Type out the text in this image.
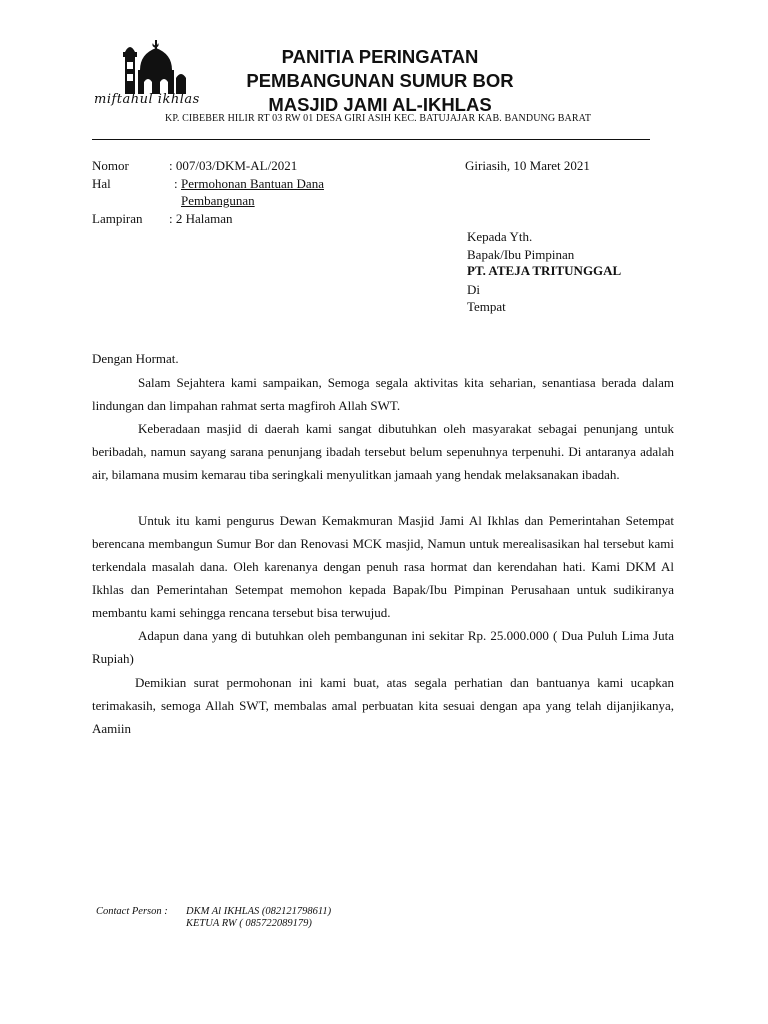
miftahul ikhlas
PANITIA PERINGATAN
PEMBANGUNAN SUMUR BOR
MASJID JAMI AL-IKHLAS
KP. CIBEBER HILIR RT 03 RW 01 DESA GIRI ASIH KEC. BATUJAJAR KAB. BANDUNG BARAT
Nomor	: 007/03/DKM-AL/2021	Giriasih, 10 Maret 2021
Hal	: Permohonan Bantuan Dana
Pembangunan
Lampiran : 2 Halaman
Kepada Yth.
Bapak/Ibu Pimpinan
PT. ATEJA TRITUNGGAL
Di
Tempat
Dengan Hormat.
Salam Sejahtera kami sampaikan, Semoga segala aktivitas kita seharian, senantiasa berada dalam lindungan dan limpahan rahmat serta magfiroh Allah SWT.
Keberadaan masjid di daerah kami sangat dibutuhkan oleh masyarakat sebagai penunjang untuk beribadah, namun sayang sarana penunjang ibadah tersebut belum sepenuhnya terpenuhi. Di antaranya adalah air, bilamana musim kemarau tiba seringkali menyulitkan jamaah yang hendak melaksanakan ibadah.
Untuk itu kami pengurus Dewan Kemakmuran Masjid Jami Al Ikhlas dan Pemerintahan Setempat berencana membangun Sumur Bor dan Renovasi MCK masjid, Namun untuk merealisasikan hal tersebut kami terkendala masalah dana. Oleh karenanya dengan penuh rasa hormat dan kerendahan hati. Kami DKM Al Ikhlas dan Pemerintahan Setempat memohon kepada Bapak/Ibu Pimpinan Perusahaan untuk sudikiranya membantu kami sehingga rencana tersebut bisa terwujud.
Adapun dana yang di butuhkan oleh pembangunan ini sekitar Rp. 25.000.000 ( Dua Puluh Lima Juta Rupiah)
Demikian surat permohonan ini kami buat, atas segala perhatian dan bantuanya kami ucapkan terimakasih, semoga Allah SWT, membalas amal perbuatan kita sesuai dengan apa yang telah dijanjikanya, Aamiin
Contact Person : DKM Al IKHLAS (082121798611)
KETUA RW ( 085722089179)
